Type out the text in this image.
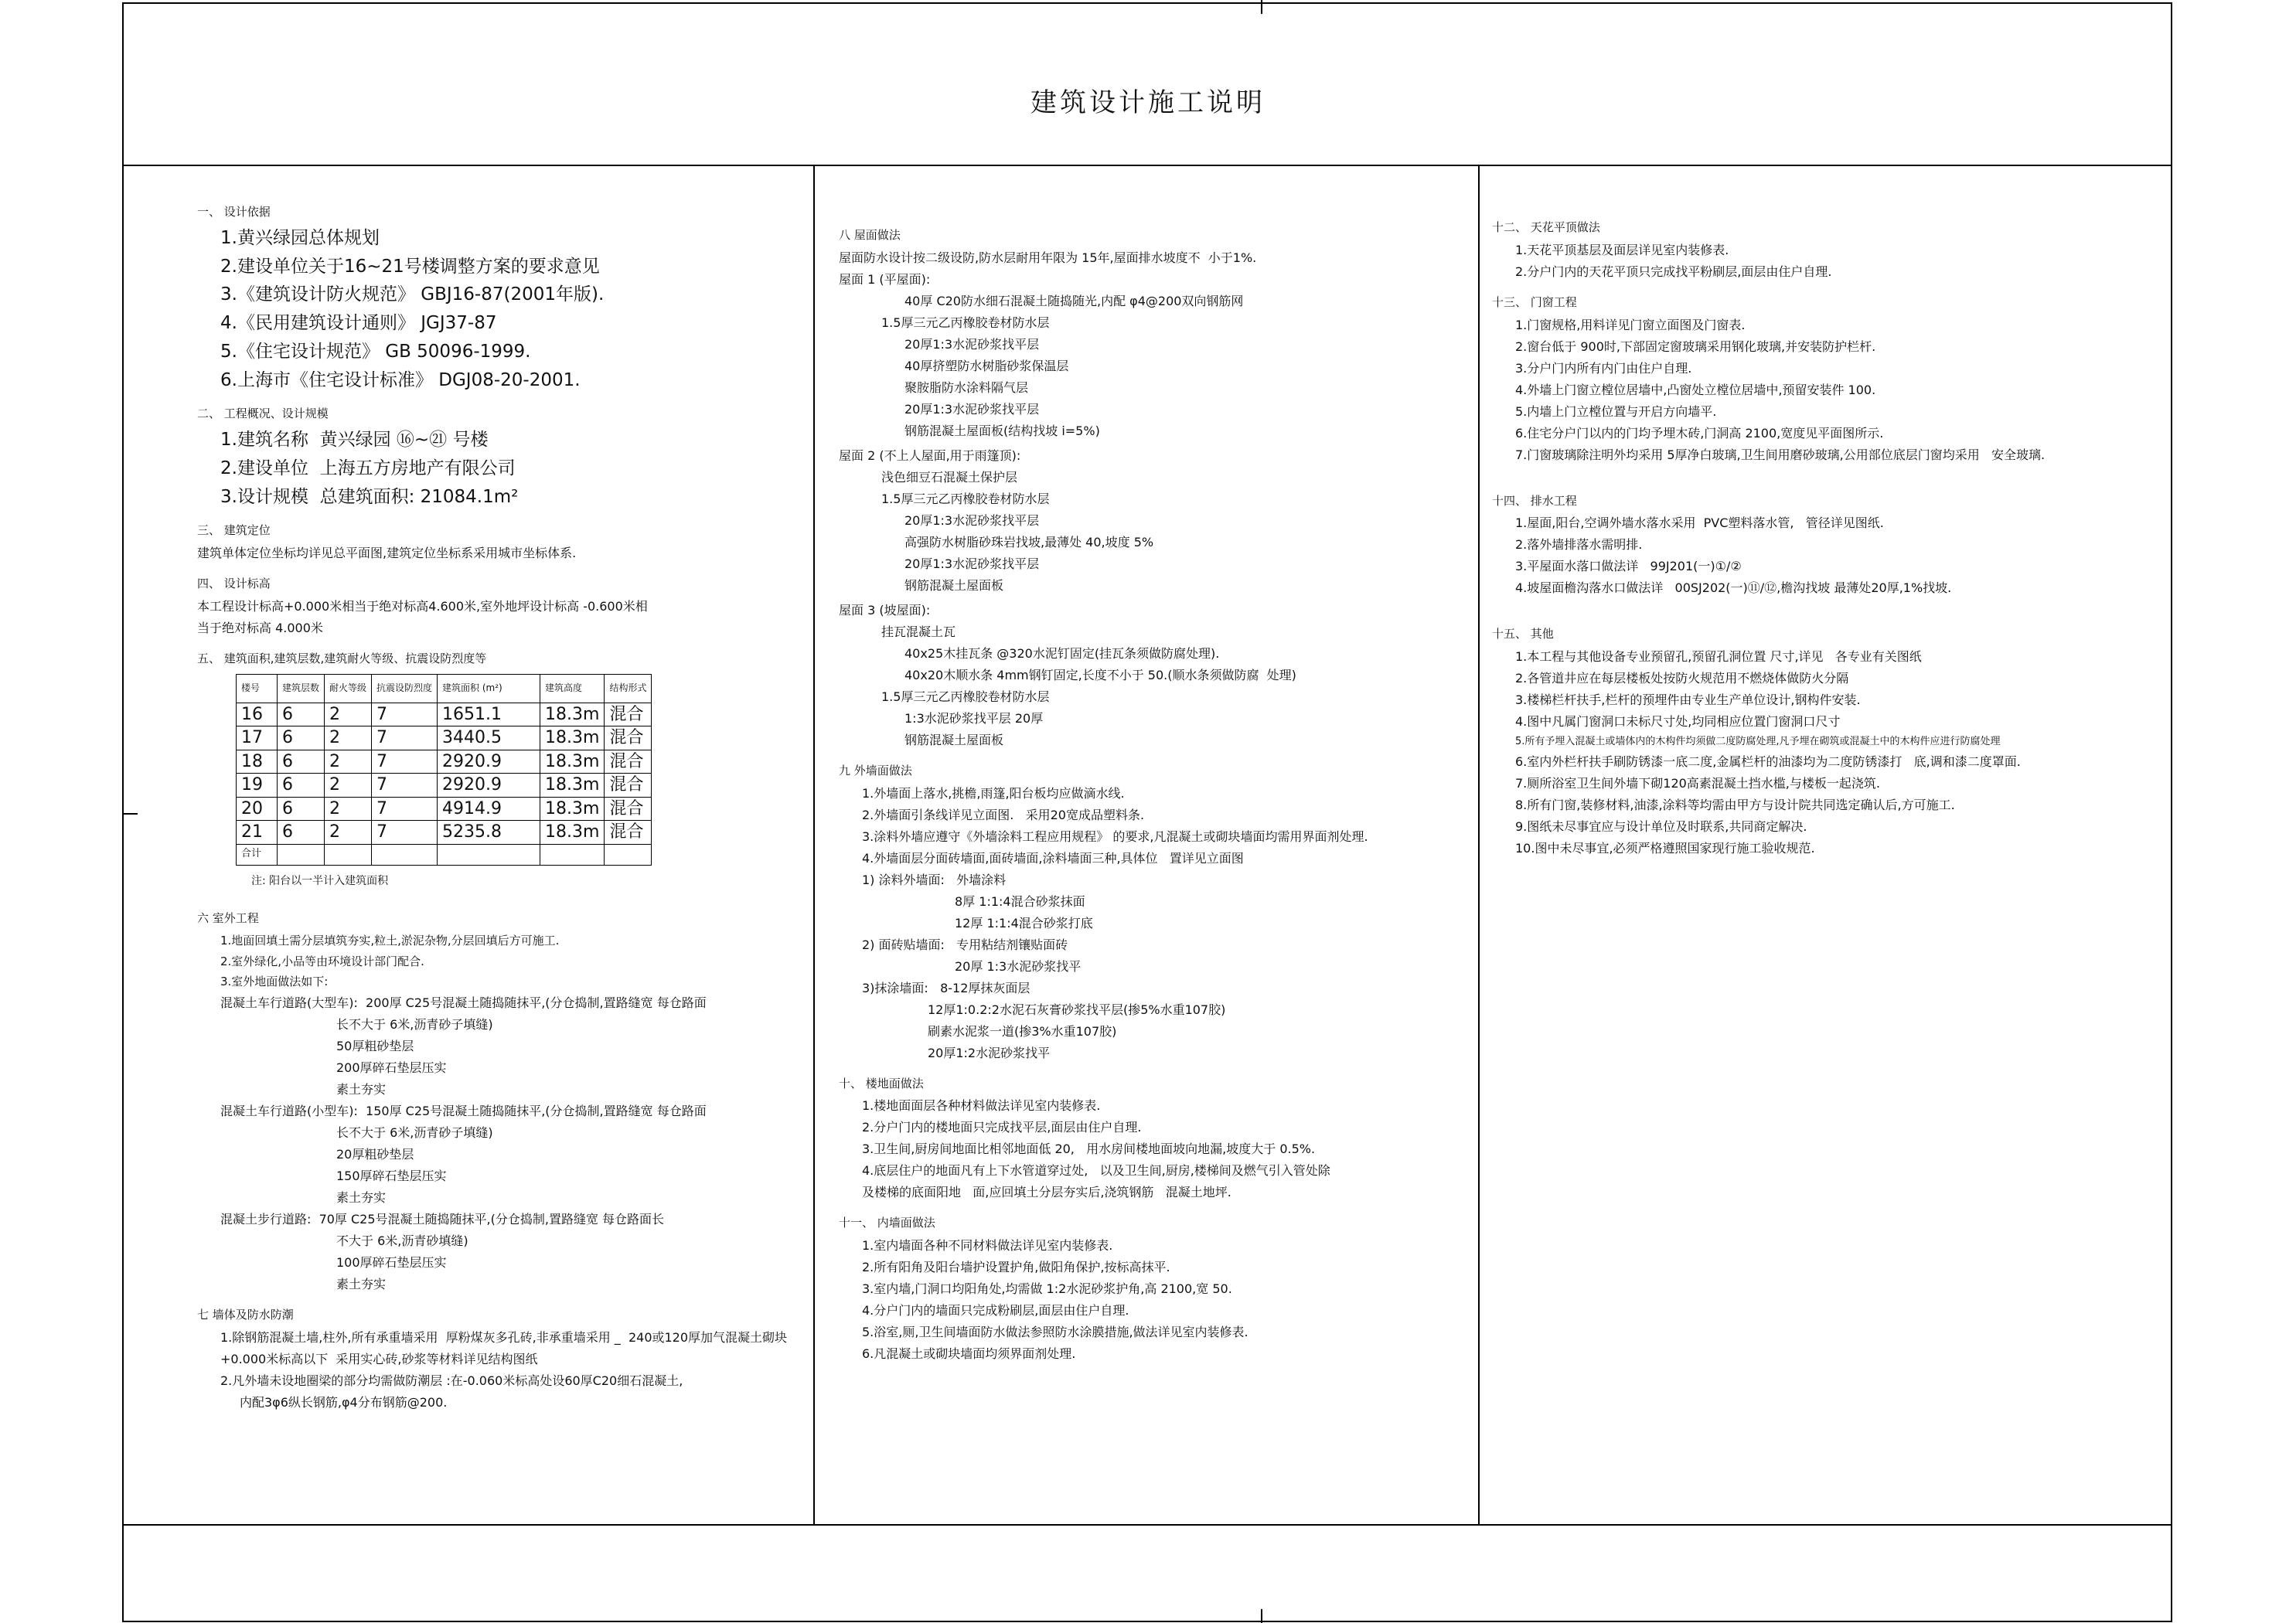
建筑设计施工说明
一、 设计依据
1.黄兴绿园总体规划
2.建设单位关于16~21号楼调整方案的要求意见
3.《建筑设计防火规范》 GBJ16-87(2001年版).
4.《民用建筑设计通则》 JGJ37-87
5.《住宅设计规范》 GB 50096-1999.
6.上海市《住宅设计标准》 DGJ08-20-2001.
二、 工程概况、设计规模
1.建筑名称  黄兴绿园 ⑯~㉑ 号楼
2.建设单位  上海五方房地产有限公司
3.设计规模  总建筑面积: 21084.1m²
三、 建筑定位
建筑单体定位坐标均详见总平面图,建筑定位坐标系采用城市坐标体系.
四、 设计标高
本工程设计标高+0.000米相当于绝对标高4.600米,室外地坪设计标高 -0.600米相
当于绝对标高 4.000米
五、 建筑面积,建筑层数,建筑耐火等级、抗震设防烈度等
楼号	建筑层数	耐火等级	抗震设防烈度	建筑面积 (m²)	建筑高度	结构形式
16	6	2	7	1651.1	18.3m	混合
17	6	2	7	3440.5	18.3m	混合
18	6	2	7	2920.9	18.3m	混合
19	6	2	7	2920.9	18.3m	混合
20	6	2	7	4914.9	18.3m	混合
21	6	2	7	5235.8	18.3m	混合
合计						
注: 阳台以一半计入建筑面积
六 室外工程
1.地面回填土需分层填筑夯实,粒土,淤泥杂物,分层回填后方可施工.
2.室外绿化,小品等由环境设计部门配合.
3.室外地面做法如下:
混凝土车行道路(大型车):  200厚 C25号混凝土随捣随抹平,(分仓捣制,置路缝宽 每仓路面
长不大于 6米,沥青砂子填缝)
50厚粗砂垫层
200厚碎石垫层压实
素土夯实
混凝土车行道路(小型车):  150厚 C25号混凝土随捣随抹平,(分仓捣制,置路缝宽 每仓路面
长不大于 6米,沥青砂子填缝)
20厚粗砂垫层
150厚碎石垫层压实
素土夯实
混凝土步行道路:  70厚 C25号混凝土随捣随抹平,(分仓捣制,置路缝宽 每仓路面长
不大于 6米,沥青砂填缝)
100厚碎石垫层压实
素土夯实
七 墙体及防水防潮
1.除钢筋混凝土墙,柱外,所有承重墙采用  厚粉煤灰多孔砖,非承重墙采用 _  240或120厚加气混凝土砌块
+0.000米标高以下  采用实心砖,砂浆等材料详见结构图纸
2.凡外墙未设地圈梁的部分均需做防潮层 :在-0.060米标高处设60厚C20细石混凝土,
内配3φ6纵长钢筋,φ4分布钢筋@200.
八 屋面做法
屋面防水设计按二级设防,防水层耐用年限为 15年,屋面排水坡度不  小于1%.
屋面 1 (平屋面):
40厚 C20防水细石混凝土随捣随光,内配 φ4@200双向钢筋网
1.5厚三元乙丙橡胶卷材防水层
20厚1:3水泥砂浆找平层
40厚挤塑防水树脂砂浆保温层
聚胺脂防水涂料隔气层
20厚1:3水泥砂浆找平层
钢筋混凝土屋面板(结构找坡 i=5%)
屋面 2 (不上人屋面,用于雨篷顶):
浅色细豆石混凝土保护层
1.5厚三元乙丙橡胶卷材防水层
20厚1:3水泥砂浆找平层
高强防水树脂砂珠岩找坡,最薄处 40,坡度 5%
20厚1:3水泥砂浆找平层
钢筋混凝土屋面板
屋面 3 (坡屋面):
挂瓦混凝土瓦
40x25木挂瓦条 @320水泥钉固定(挂瓦条须做防腐处理).
40x20木顺水条 4mm钢钉固定,长度不小于 50.(顺水条须做防腐  处理)
1.5厚三元乙丙橡胶卷材防水层
1:3水泥砂浆找平层 20厚
钢筋混凝土屋面板
九 外墙面做法
1.外墙面上落水,挑檐,雨篷,阳台板均应做滴水线.
2.外墙面引条线详见立面图.   采用20宽成品塑料条.
3.涂料外墙应遵守《外墙涂料工程应用规程》 的要求,凡混凝土或砌块墙面均需用界面剂处理.
4.外墙面层分面砖墙面,面砖墙面,涂料墙面三种,具体位   置详见立面图
1) 涂料外墙面:   外墙涂料
8厚 1:1:4混合砂浆抹面
12厚 1:1:4混合砂浆打底
2) 面砖贴墙面:   专用粘结剂镶贴面砖
20厚 1:3水泥砂浆找平
3)抹涂墙面:   8-12厚抹灰面层
12厚1:0.2:2水泥石灰膏砂浆找平层(掺5%水重107胶)
刷素水泥浆一道(掺3%水重107胶)
20厚1:2水泥砂浆找平
十、 楼地面做法
1.楼地面面层各种材料做法详见室内装修表.
2.分户门内的楼地面只完成找平层,面层由住户自理.
3.卫生间,厨房间地面比相邻地面低 20,   用水房间楼地面坡向地漏,坡度大于 0.5%.
4.底层住户的地面凡有上下水管道穿过处,   以及卫生间,厨房,楼梯间及燃气引入管处除
及楼梯的底面阳地   面,应回填土分层夯实后,浇筑钢筋   混凝土地坪.
十一、 内墙面做法
1.室内墙面各种不同材料做法详见室内装修表.
2.所有阳角及阳台墙护设置护角,做阳角保护,按标高抹平.
3.室内墙,门洞口均阳角处,均需做 1:2水泥砂浆护角,高 2100,宽 50.
4.分户门内的墙面只完成粉刷层,面层由住户自理.
5.浴室,厕,卫生间墙面防水做法参照防水涂膜措施,做法详见室内装修表.
6.凡混凝土或砌块墙面均须界面剂处理.
十二、 天花平顶做法
1.天花平顶基层及面层详见室内装修表.
2.分户门内的天花平顶只完成找平粉刷层,面层由住户自理.
十三、 门窗工程
1.门窗规格,用料详见门窗立面图及门窗表.
2.窗台低于 900时,下部固定窗玻璃采用钢化玻璃,并安装防护栏杆.
3.分户门内所有内门由住户自理.
4.外墙上门窗立樘位居墙中,凸窗处立樘位居墙中,预留安装件 100.
5.内墙上门立樘位置与开启方向墙平.
6.住宅分户门以内的门均予埋木砖,门洞高 2100,宽度见平面图所示.
7.门窗玻璃除注明外均采用 5厚净白玻璃,卫生间用磨砂玻璃,公用部位底层门窗均采用   安全玻璃.
十四、 排水工程
1.屋面,阳台,空调外墙水落水采用  PVC塑料落水管,   管径详见图纸.
2.落外墙排落水需明排.
3.平屋面水落口做法详   99J201(一)①/②
4.坡屋面檐沟落水口做法详   00SJ202(一)⑪/⑫,檐沟找坡 最薄处20厚,1%找坡.
十五、 其他
1.本工程与其他设备专业预留孔,预留孔洞位置 尺寸,详见   各专业有关图纸
2.各管道井应在每层楼板处按防火规范用不燃烧体做防火分隔
3.楼梯栏杆扶手,栏杆的预埋件由专业生产单位设计,钢构件安装.
4.图中凡属门窗洞口未标尺寸处,均同相应位置门窗洞口尺寸
5.所有予埋入混凝土或墙体内的木构件均须做二度防腐处理,凡予埋在砌筑或混凝土中的木构件应进行防腐处理
6.室内外栏杆扶手刷防锈漆一底二度,金属栏杆的油漆均为二度防锈漆打   底,调和漆二度罩面.
7.厕所浴室卫生间外墙下砌120高素混凝土挡水槛,与楼板一起浇筑.
8.所有门窗,装修材料,油漆,涂料等均需由甲方与设计院共同选定确认后,方可施工.
9.图纸未尽事宜应与设计单位及时联系,共同商定解决.
10.图中未尽事宜,必须严格遵照国家现行施工验收规范.
